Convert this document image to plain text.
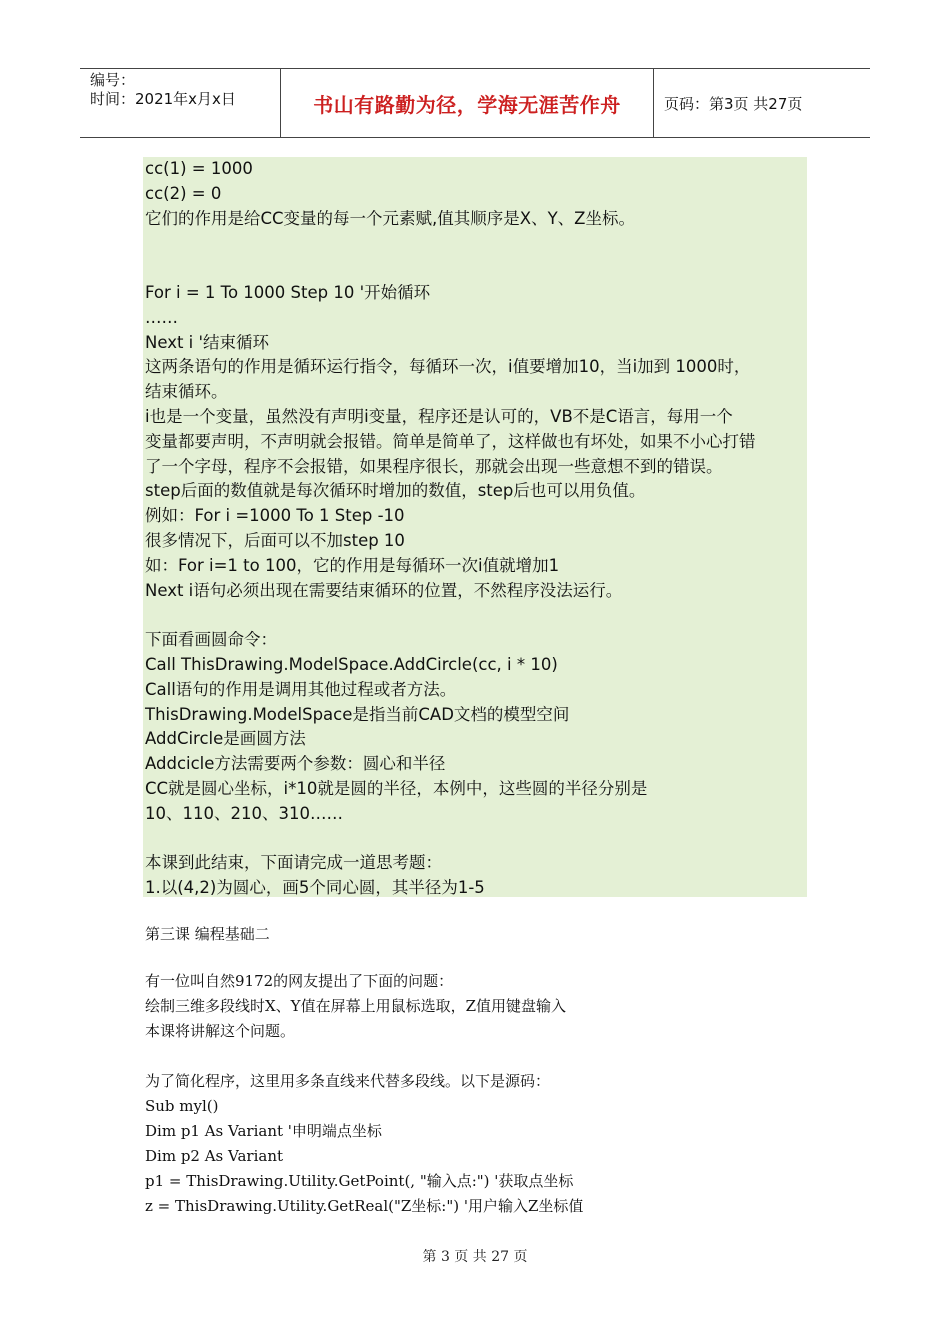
编号：
时间：2021年x月x日	书山有路勤为径，学海无涯苦作舟	页码：第3页 共27页
cc(1) = 1000
cc(2) = 0
它们的作用是给CC变量的每一个元素赋,值其顺序是X、Y、Z坐标。
For i = 1 To 1000 Step 10 '开始循环
……
Next i '结束循环
这两条语句的作用是循环运行指令，每循环一次，i值要增加10，当i加到 1000时，
结束循环。
i也是一个变量，虽然没有声明i变量，程序还是认可的，VB不是C语言，每用一个
变量都要声明，不声明就会报错。简单是简单了，这样做也有坏处，如果不小心打错
了一个字母，程序不会报错，如果程序很长，那就会出现一些意想不到的错误。
step后面的数值就是每次循环时增加的数值，step后也可以用负值。
例如：For i =1000 To 1 Step -10
很多情况下，后面可以不加step 10
如：For i=1 to 100，它的作用是每循环一次i值就增加1
Next i语句必须出现在需要结束循环的位置，不然程序没法运行。
下面看画圆命令：
Call ThisDrawing.ModelSpace.AddCircle(cc, i * 10)
Call语句的作用是调用其他过程或者方法。
ThisDrawing.ModelSpace是指当前CAD文档的模型空间
AddCircle是画圆方法
Addcicle方法需要两个参数：圆心和半径
CC就是圆心坐标，i*10就是圆的半径，本例中，这些圆的半径分别是
10、110、210、310……
本课到此结束，下面请完成一道思考题：
1.以(4,2)为圆心，画5个同心圆，其半径为1-5
第三课 编程基础二
有一位叫自然9172的网友提出了下面的问题：
绘制三维多段线时X、Y值在屏幕上用鼠标选取，Z值用键盘输入
本课将讲解这个问题。
为了简化程序，这里用多条直线来代替多段线。以下是源码：
Sub myl()
Dim p1 As Variant '申明端点坐标
Dim p2 As Variant
p1 = ThisDrawing.Utility.GetPoint(, "输入点:") '获取点坐标
z = ThisDrawing.Utility.GetReal("Z坐标:") '用户输入Z坐标值
第 3 页 共 27 页
